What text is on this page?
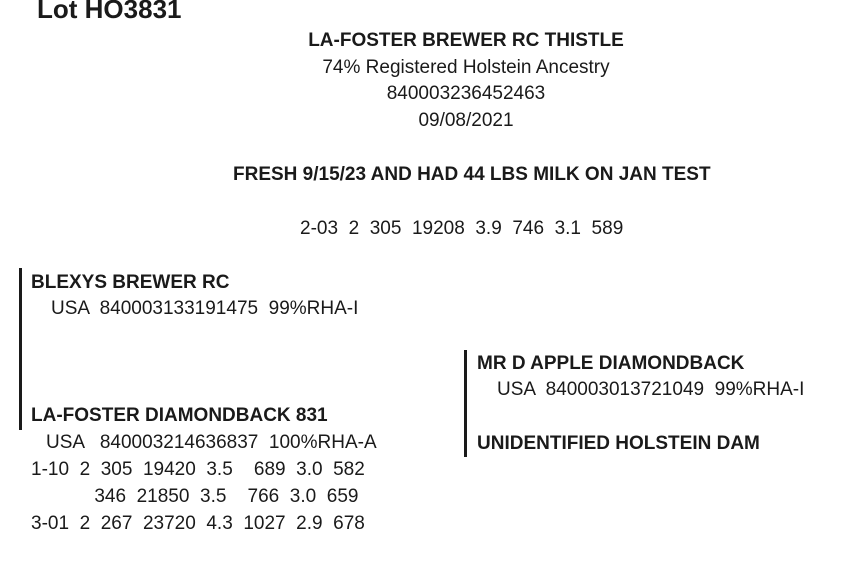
Lot HO3831
LA-FOSTER BREWER RC THISTLE
74% Registered Holstein Ancestry
840003236452463
09/08/2021
FRESH 9/15/23 AND HAD 44 LBS MILK ON JAN TEST
2-03  2  305  19208  3.9  746  3.1  589
BLEXYS BREWER RC
USA  840003133191475  99%RHA-I
MR D APPLE DIAMONDBACK
USA  840003013721049  99%RHA-I
LA-FOSTER DIAMONDBACK 831
USA   840003214636837  100%RHA-A
1-10  2  305  19420  3.5    689  3.0  582
346  21850  3.5    766  3.0  659
3-01  2  267  23720  4.3  1027  2.9  678
UNIDENTIFIED HOLSTEIN DAM
